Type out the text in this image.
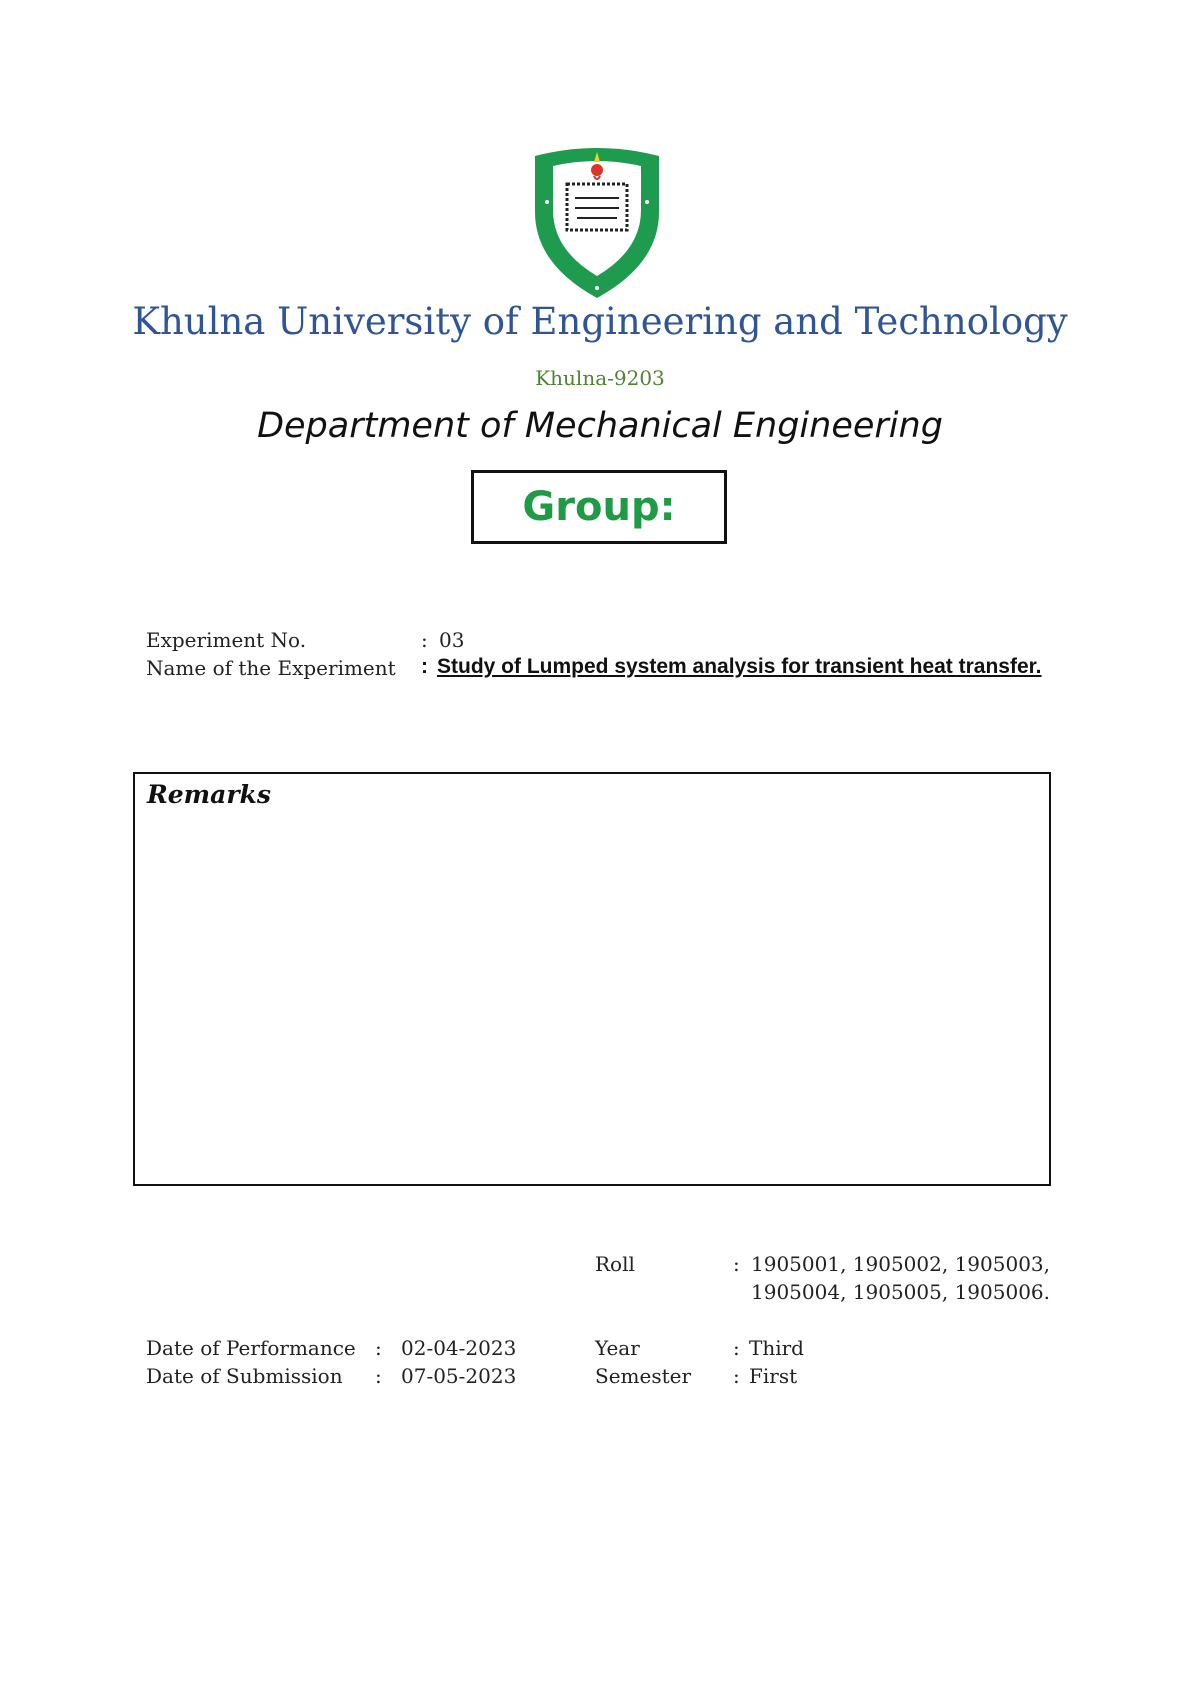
Khulna University of Engineering and Technology
Khulna-9203
Department of Mechanical Engineering
Group:
Experiment No.	: 03
Name of the Experiment : Study of Lumped system analysis for transient heat transfer.
Remarks
Roll	: 1905001, 1905002, 1905003,
1905004, 1905005, 1905006.
Date of Performance : 02-04-2023
Date of Submission : 07-05-2023
Year	: Third
Semester : First
